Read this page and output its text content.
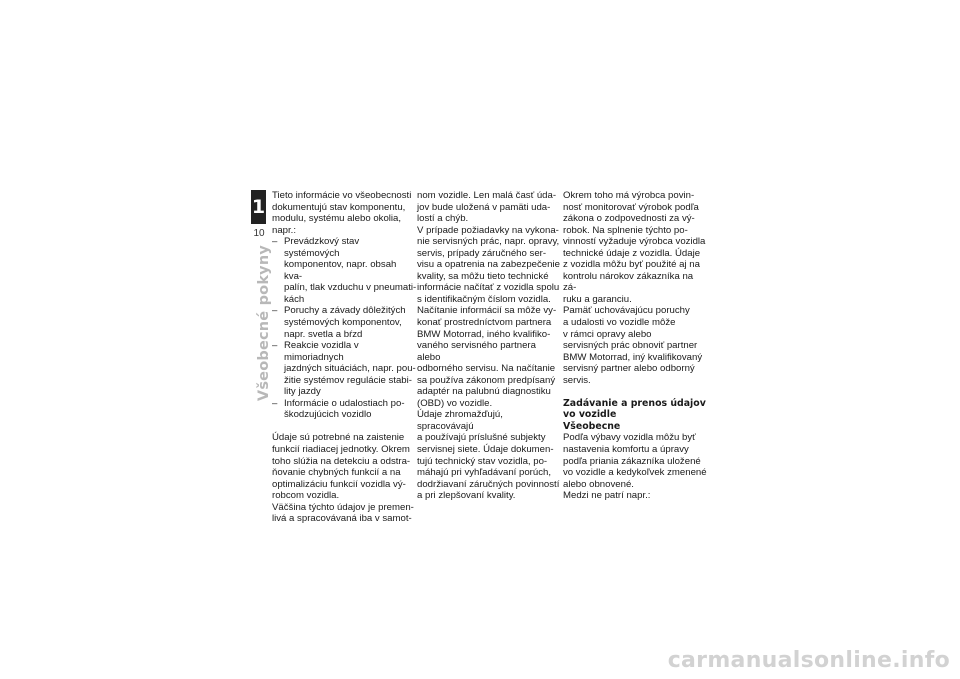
1
10
Všeobecné pokyny

Tieto informácie vo všeobecnosti
dokumentujú stav komponentu,
modulu, systému alebo okolia,
napr.:

– Prevádzkový stav systémových
komponentov, napr. obsah kva-
palín, tlak vzduchu v pneumati-
kách
– Poruchy a závady dôležitých
systémových komponentov,
napr. svetla a bŕzd
– Reakcie vozidla v mimoriadnych
jazdných situáciách, napr. pou-
žitie systémov regulácie stabi-
lity jazdy
– Informácie o udalostiach po-
škodzujúcich vozidlo

Údaje sú potrebné na zaistenie
funkcií riadiacej jednotky. Okrem
toho slúžia na detekciu a odstra-
ňovanie chybných funkcií a na
optimalizáciu funkcií vozidla vý-
robcom vozidla.
Väčšina týchto údajov je premen-
livá a spracovávaná iba v samot-

nom vozidle. Len malá časť úda-
jov bude uložená v pamäti uda-
lostí a chýb.
V prípade požiadavky na vykona-
nie servisných prác, napr. opravy,
servis, prípady záručného ser-
visu a opatrenia na zabezpečenie
kvality, sa môžu tieto technické
informácie načítať z vozidla spolu
s identifikačným číslom vozidla.
Načítanie informácií sa môže vy-
konať prostredníctvom partnera
BMW Motorrad, iného kvalifiko-
vaného servisného partnera alebo
odborného servisu. Na načítanie
sa používa zákonom predpísaný
adaptér na palubnú diagnostiku
(OBD) vo vozidle.
Údaje zhromažďujú, spracovávajú
a používajú príslušné subjekty
servisnej siete. Údaje dokumen-
tujú technický stav vozidla, po-
máhajú pri vyhľadávaní porúch,
dodržiavaní záručných povinností
a pri zlepšovaní kvality.

Okrem toho má výrobca povin-
nosť monitorovať výrobok podľa
zákona o zodpovednosti za vý-
robok. Na splnenie týchto po-
vinností vyžaduje výrobca vozidla
technické údaje z vozidla. Údaje
z vozidla môžu byť použité aj na
kontrolu nárokov zákazníka na zá-
ruku a garanciu.
Pamäť uchovávajúcu poruchy
a udalosti vo vozidle môže
v rámci opravy alebo
servisných prác obnoviť partner
BMW Motorrad, iný kvalifikovaný
servisný partner alebo odborný
servis.

Zadávanie a prenos údajov
vo vozidle

Všeobecne

Podľa výbavy vozidla môžu byť
nastavenia komfortu a úpravy
podľa priania zákazníka uložené
vo vozidle a kedykoľvek zmenené
alebo obnovené.
Medzi ne patrí napr.:

carmanualsonline.info
